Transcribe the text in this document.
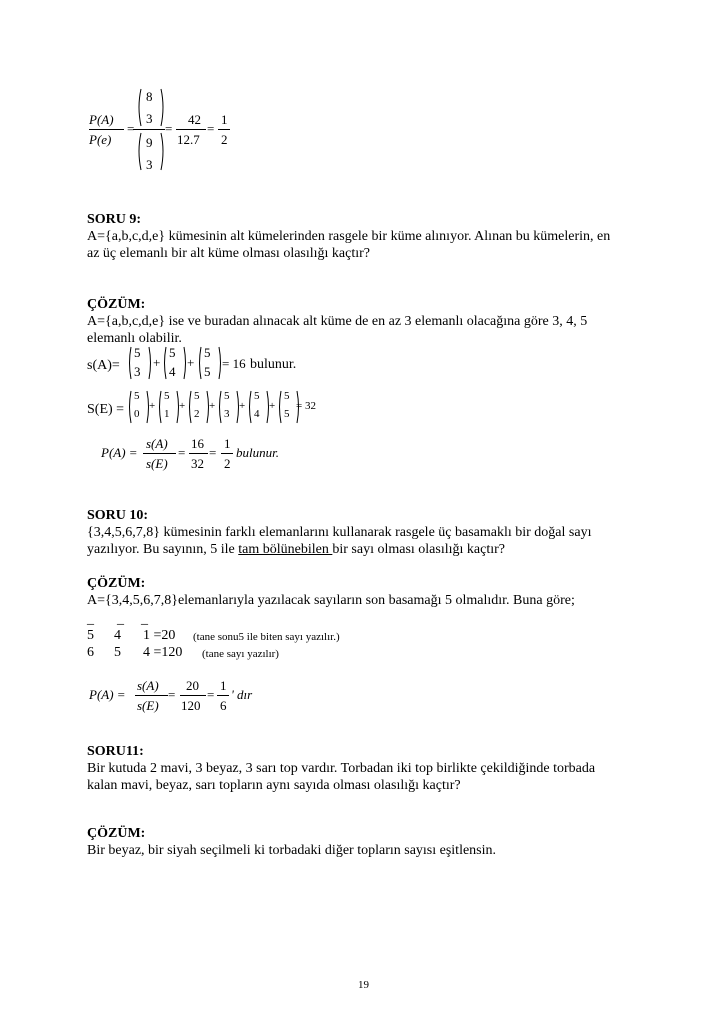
P(A)
P(e)
=
8
3
9
3
=
42
12.7
=
1
2
SORU 9:
A={a,b,c,d,e} kümesinin alt kümelerinden rasgele bir küme alınıyor. Alınan bu kümelerin, en
az üç elemanlı bir alt küme olması olasılığı kaçtır?
ÇÖZÜM:
A={a,b,c,d,e} ise ve buradan alınacak alt küme de en az 3 elemanlı olacağına göre 3, 4, 5
elemanlı olabilir.
s(A)=
5
3
+
5
4
+
5
5
= 16 bulunur.
S(E) =
5
0
+
5
1
+
5
2
+
5
3
+
5
4
+
5
5
= 32
P(A) =
s(A)
s(E)
=
16
32
=
1
2
bulunur.
SORU 10:
{3,4,5,6,7,8} kümesinin farklı elemanlarını kullanarak rasgele üç basamaklı bir doğal sayı
yazılıyor. Bu sayının, 5 ile tam bölünebilen bir sayı olması olasılığı kaçtır?
ÇÖZÜM:
A={3,4,5,6,7,8}elemanlarıyla yazılacak sayıların son basamağı 5 olmalıdır. Buna göre;
_ _ _
5 4 1 =20 (tane sonu5 ile biten sayı yazılır.)
6 5 4 =120 (tane sayı yazılır)
P(A) =
s(A)
s(E)
=
20
120
=
1
6
' dır
SORU11:
Bir kutuda 2 mavi, 3 beyaz, 3 sarı top vardır. Torbadan iki top birlikte çekildiğinde torbada
kalan mavi, beyaz, sarı topların aynı sayıda olması olasılığı kaçtır?
ÇÖZÜM:
Bir beyaz, bir siyah seçilmeli ki torbadaki diğer topların sayısı eşitlensin.
19
